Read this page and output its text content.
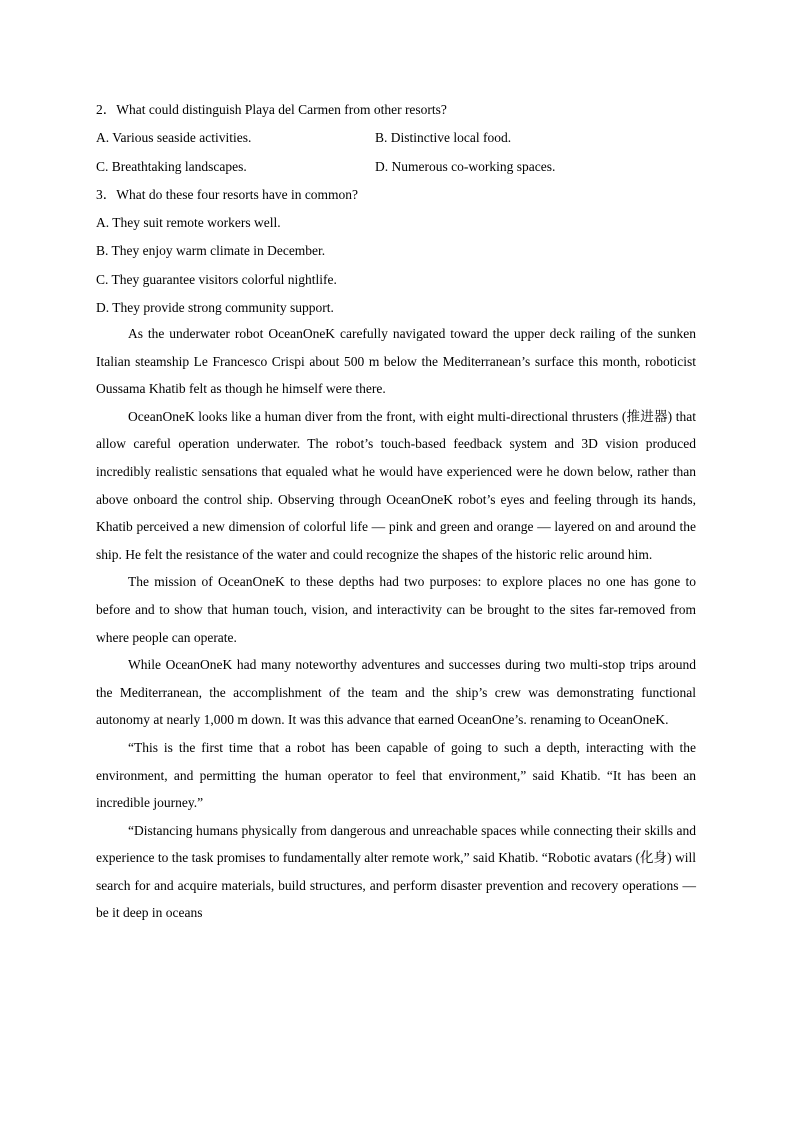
2．What could distinguish Playa del Carmen from other resorts?
A. Various seaside activities.	B. Distinctive local food.
C. Breathtaking landscapes.	D. Numerous co-working spaces.
3．What do these four resorts have in common?
A. They suit remote workers well.
B. They enjoy warm climate in December.
C. They guarantee visitors colorful nightlife.
D. They provide strong community support.

As the underwater robot OceanOneK carefully navigated toward the upper deck railing of the sunken Italian steamship Le Francesco Crispi about 500 m below the Mediterranean’s surface this month, roboticist Oussama Khatib felt as though he himself were there.

OceanOneK looks like a human diver from the front, with eight multi-directional thrusters (推进器) that allow careful operation underwater. The robot’s touch-based feedback system and 3D vision produced incredibly realistic sensations that equaled what he would have experienced were he down below, rather than above onboard the control ship. Observing through OceanOneK robot’s eyes and feeling through its hands, Khatib perceived a new dimension of colorful life — pink and green and orange — layered on and around the ship. He felt the resistance of the water and could recognize the shapes of the historic relic around him.

The mission of OceanOneK to these depths had two purposes: to explore places no one has gone to before and to show that human touch, vision, and interactivity can be brought to the sites far-removed from where people can operate.

While OceanOneK had many noteworthy adventures and successes during two multi-stop trips around the Mediterranean, the accomplishment of the team and the ship’s crew was demonstrating functional autonomy at nearly 1,000 m down. It was this advance that earned OceanOne’s. renaming to OceanOneK.

“This is the first time that a robot has been capable of going to such a depth, interacting with the environment, and permitting the human operator to feel that environment,” said Khatib. “It has been an incredible journey.”

“Distancing humans physically from dangerous and unreachable spaces while connecting their skills and experience to the task promises to fundamentally alter remote work,” said Khatib. “Robotic avatars (化身) will search for and acquire materials, build structures, and perform disaster prevention and recovery operations — be it deep in oceans
